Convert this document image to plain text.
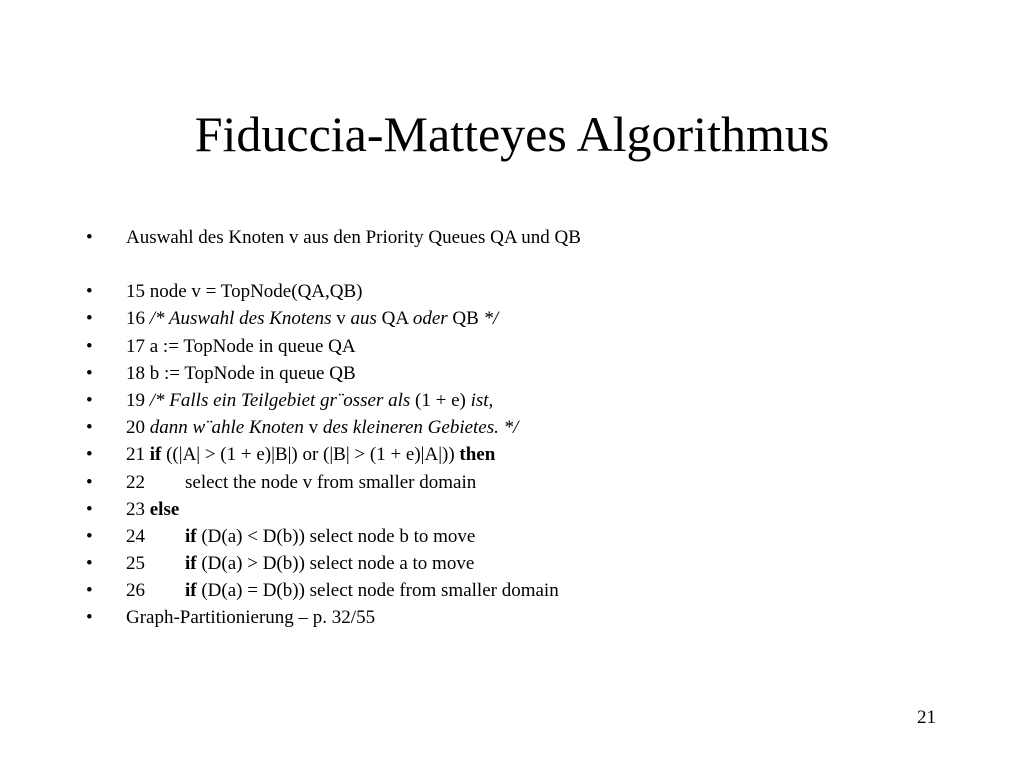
Fiduccia-Matteyes Algorithmus
•	Auswahl des Knoten v aus den Priority Queues QA und QB
•	15 node v = TopNode(QA,QB)
•	16 /* Auswahl des Knotens v aus QA oder QB */
•	17 a := TopNode in queue QA
•	18 b := TopNode in queue QB
•	19 /* Falls ein Teilgebiet gr¨osser als (1 + e) ist,
•	20 dann w¨ahle Knoten v des kleineren Gebietes. */
•	21 if ((|A| > (1 + e)|B|) or (|B| > (1 + e)|A|)) then
•	22 select the node v from smaller domain
•	23 else
•	24 if (D(a) < D(b)) select node b to move
•	25 if (D(a) > D(b)) select node a to move
•	26 if (D(a) = D(b)) select node from smaller domain
•	Graph-Partitionierung – p. 32/55
21
